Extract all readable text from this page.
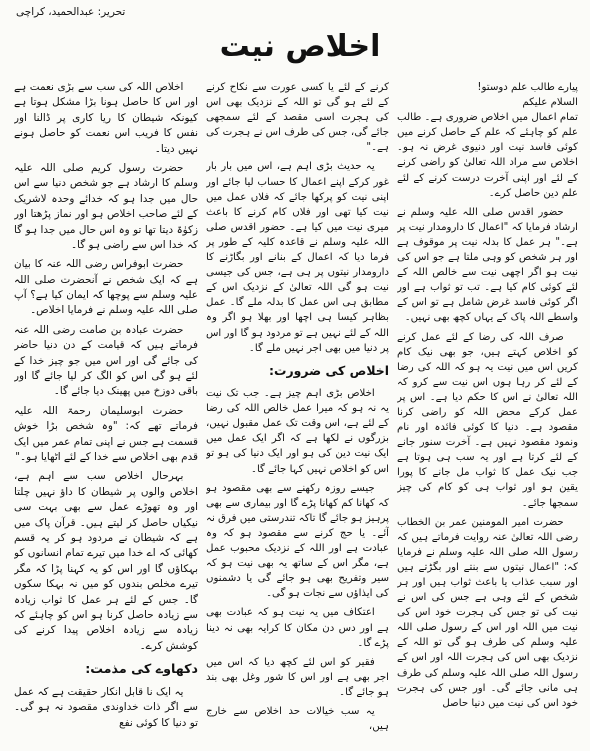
تحریر: عبدالحمید، کراچی
اخلاص نیت

پیارے طالب علم دوستو!

السلام علیکم

تمام اعمال میں اخلاص ضروری ہے۔ طالب علم کو چاہئے کہ علم کے حاصل کرنے میں کوئی فاسد نیت اور دنیوی غرض نہ ہو۔ اخلاص سے مراد اللہ تعالیٰ کو راضی کرنے کے لئے اور اپنی آخرت درست کرنے کے لئے علم دین حاصل کرے۔

حضور اقدس صلی اللہ علیہ وسلم نے ارشاد فرمایا کہ "اعمال کا دارومدار نیت پر ہے۔" ہر عمل کا بدلہ نیت پر موقوف ہے اور ہر شخص کو وہی ملتا ہے جو اس کی نیت ہو اگر اچھی نیت سے خالص اللہ کے لئے کوئی کام کیا ہے۔ تب تو ثواب ہے اور اگر کوئی فاسد غرض شامل ہے تو اس کے واسطے اللہ پاک کے یہاں کچھ بھی نہیں۔

صرف اللہ کی رضا کے لئے عمل کرنے کو اخلاص کہتے ہیں، جو بھی نیک کام کریں اس میں نیت یہ ہو کہ اللہ کی رضا کے لئے کر رہا ہوں اس نیت سے کرو کہ اللہ تعالیٰ نے اس کا حکم دیا ہے۔ اس پر عمل کرکے محض اللہ کو راضی کرنا مقصود ہے۔ دنیا کا کوئی فائدہ اور نام ونمود مقصود نہیں ہے۔ آخرت سنور جانے کے لئے کرتا ہے اور یہ سب ہی ہوتا ہے جب نیک عمل کا ثواب مل جانے کا پورا یقین ہو اور ثواب ہی کو کام کی چیز سمجھا جائے۔

حضرت امیر المومنین عمر بن الخطاب رضی اللہ تعالیٰ عنہ روایت فرماتے ہیں کہ رسول اللہ صلی اللہ علیہ وسلم نے فرمایا کہ: "اعمال نیتوں سے بنتے اور بگڑتے ہیں اور سبب عذاب یا باعث ثواب ہیں اور ہر شخص کے لئے وہی ہے جس کی اس نے نیت کی تو جس کی ہجرت خود اس کی نیت میں اللہ اور اس کے رسول صلی اللہ علیہ وسلم کی طرف ہو گی تو اللہ کے نزدیک بھی اس کی ہجرت اللہ اور اس کے رسول اللہ صلی اللہ علیہ وسلم کی طرف ہی مانی جائے گی۔ اور جس کی ہجرت خود اس کی نیت میں دنیا حاصل

کرنے کے لئے یا کسی عورت سے نکاح کرنے کے لئے ہو گی تو اللہ کے نزدیک بھی اس کی ہجرت اسی مقصد کے لئے سمجھی جائے گی، جس کی طرف اس نے ہجرت کی ہے۔"

یہ حدیث بڑی اہم ہے، اس میں بار بار غور کرکے اپنے اعمال کا حساب لیا جائے اور اپنی نیت کو پرکھا جائے کہ فلاں عمل میں نیت کیا تھی اور فلاں کام کرنے کا باعث میری نیت میں کیا ہے۔ حضور اقدس صلی اللہ علیہ وسلم نے قاعدہ کلیہ کے طور پر فرما دیا کہ اعمال کے بنانے اور بگاڑنے کا دارومدار نیتوں پر ہی ہے، جس کی جیسی نیت ہو گی اللہ تعالیٰ کے نزدیک اس کے مطابق ہی اس عمل کا بدلہ ملے گا۔ عمل بظاہر کیسا ہی اچھا اور بھلا ہو اگر وہ اللہ کے لئے نہیں ہے تو مردود ہو گا اور اس پر دنیا میں بھی اجر نہیں ملے گا۔

اخلاص کی ضرورت:

اخلاص بڑی اہم چیز ہے۔ جب تک نیت یہ نہ ہو کہ میرا عمل خالص اللہ کی رضا کے لئے ہے، اس وقت تک عمل مقبول نہیں، بزرگوں نے لکھا ہے کہ اگر ایک عمل میں ایک نیت دین کی ہو اور ایک دنیا کی ہو تو اس کو اخلاص نہیں کہا جائے گا۔

جیسے روزہ رکھنے سے بھی مقصود ہو کہ کھانا کم کھانا پڑے گا اور بیماری سے بھی پرہیز ہو جائے گا تاکہ تندرستی میں فرق نہ آئے۔ یا حج کرنے سے مقصود ہو کہ وہ عبادت ہے اور اللہ کے نزدیک محبوب عمل ہے، مگر اس کے ساتھ یہ بھی نیت ہو کہ سیر وتفریح بھی ہو جائے گی یا دشمنوں کی ایذاؤں سے نجات ہو گی۔

اعتکاف میں یہ نیت ہو کہ عبادت بھی ہے اور دس دن مکان کا کرایہ بھی نہ دینا پڑے گا۔

فقیر کو اس لئے کچھ دیا کہ اس میں اجر بھی ہے اور اس کا شور وغل بھی بند ہو جائے گا۔

یہ سب خیالات حد اخلاص سے خارج ہیں،

اخلاص اللہ کی سب سے بڑی نعمت ہے اور اس کا حاصل ہونا بڑا مشکل ہوتا ہے کیونکہ شیطان کا ریا کاری پر ڈالنا اور نفس کا فریب اس نعمت کو حاصل ہونے نہیں دیتا۔

حضرت رسول کریم صلی اللہ علیہ وسلم کا ارشاد ہے جو شخص دنیا سے اس حال میں جدا ہو کہ خدائے وحدہ لاشریک کے لئے صاحب اخلاص ہو اور نماز پڑھتا اور زکوٰۃ دیتا تھا تو وہ اس حال میں جدا ہو گا کہ خدا اس سے راضی ہو گا۔

حضرت ابوفراس رضی اللہ عنہ کا بیان ہے کہ ایک شخص نے آنحضرت صلی اللہ علیہ وسلم سے پوچھا کہ ایمان کیا ہے؟ آپ صلی اللہ علیہ وسلم نے فرمایا اخلاص۔

حضرت عبادہ بن صامت رضی اللہ عنہ فرماتے ہیں کہ قیامت کے دن دنیا حاضر کی جائے گی اور اس میں جو چیز خدا کے لئے ہو گی اس کو الگ کر لیا جائے گا اور باقی دوزخ میں پھینک دیا جائے گا۔

حضرت ابوسلیمان رحمۃ اللہ علیہ فرماتے تھے کہ: "وہ شخص بڑا خوش قسمت ہے جس نے اپنی تمام عمر میں ایک قدم بھی اخلاص سے خدا کے لئے اٹھایا ہو۔"

بہرحال اخلاص سب سے اہم ہے، اخلاص والوں پر شیطان کا داؤ نہیں چلتا اور وہ تھوڑے عمل سے بھی بہت سی نیکیاں حاصل کر لیتے ہیں۔ قرآن پاک میں ہے کہ شیطان نے مردود ہو کر یہ قسم کھائی کہ اے خدا میں تیرے تمام انسانوں کو بہکاؤں گا اور اس کو یہ کہنا پڑا کہ مگر تیرے مخلص بندوں کو میں نہ بہکا سکوں گا۔ جس کے لئے ہر عمل کا ثواب زیادہ سے زیادہ حاصل کرنا ہو اس کو چاہئے کہ زیادہ سے زیادہ اخلاص پیدا کرنے کی کوشش کرے۔

دکھاوے کی مذمت:

یہ ایک نا قابل انکار حقیقت ہے کہ عمل سے اگر ذات خداوندی مقصود نہ ہو گی۔ تو دنیا کا کوئی نفع
